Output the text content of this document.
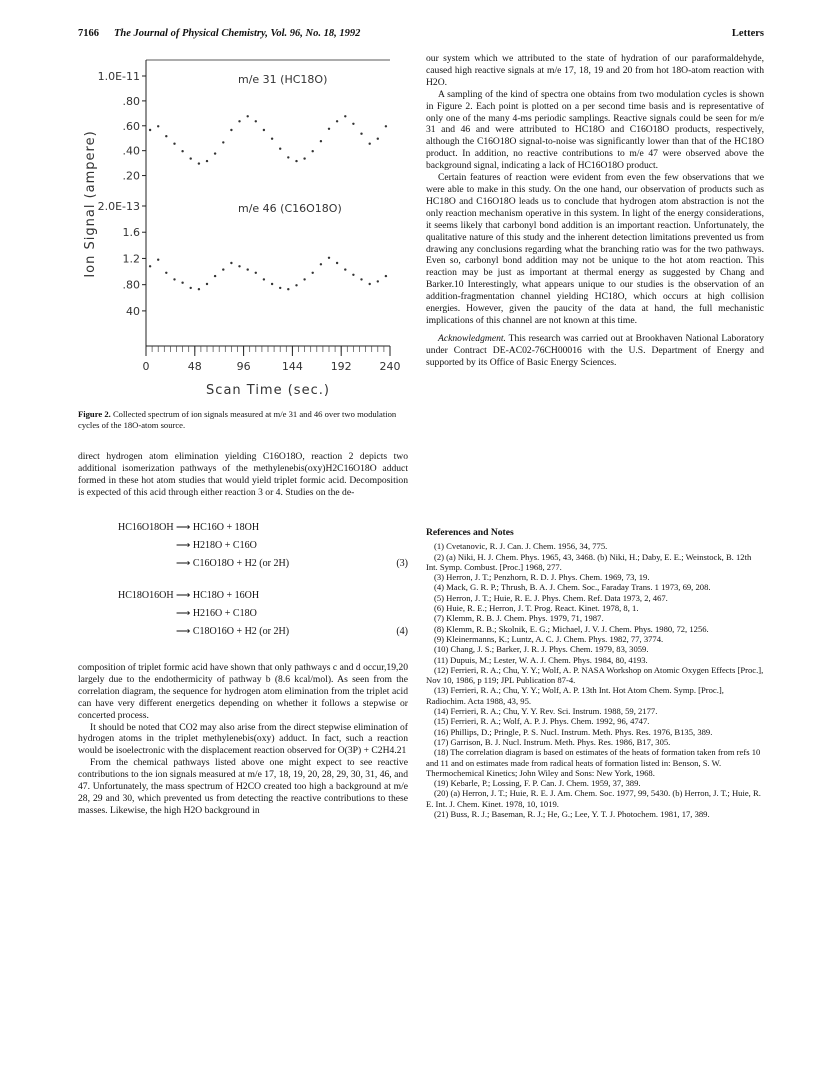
7166 The Journal of Physical Chemistry, Vol. 96, No. 18, 1992	Letters
1.0E-11
.80
.60
.40
.20
2.0E-13
1.6
1.2
.80
40
0	48	96	144	192	240
m/e 31 (HC18O)
m/e 46 (C16O18O)
Ion Signal (ampere)
Scan Time (sec.)
Figure 2. Collected spectrum of ion signals measured at m/e 31 and 46 over two modulation cycles of the 18O-atom source.

direct hydrogen atom elimination yielding C16O18O, reaction 2 depicts two additional isomerization pathways of the methylenebis(oxy)H2C16O18O adduct formed in these hot atom studies that would yield triplet formic acid. Decomposition is expected of this acid through either reaction 3 or 4. Studies on the de-

HC16O18OH ⟶ HC16O + 18OH
⟶ H218O + C16O
⟶ C16O18O + H2 (or 2H)	(3)
HC18O16OH ⟶ HC18O + 16OH
⟶ H216O + C18O
⟶ C18O16O + H2 (or 2H)	(4)

composition of triplet formic acid have shown that only pathways c and d occur,19,20 largely due to the endothermicity of pathway b (8.6 kcal/mol). As seen from the correlation diagram, the sequence for hydrogen atom elimination from the triplet acid can have very different energetics depending on whether it follows a stepwise or concerted process.

It should be noted that CO2 may also arise from the direct stepwise elimination of hydrogen atoms in the triplet methylenebis(oxy) adduct. In fact, such a reaction would be isoelectronic with the displacement reaction observed for O(3P) + C2H4.21

From the chemical pathways listed above one might expect to see reactive contributions to the ion signals measured at m/e 17, 18, 19, 20, 28, 29, 30, 31, 46, and 47. Unfortunately, the mass spectrum of H2CO created too high a background at m/e 28, 29 and 30, which prevented us from detecting the reactive contributions to these masses. Likewise, the high H2O background in

our system which we attributed to the state of hydration of our paraformaldehyde, caused high reactive signals at m/e 17, 18, 19 and 20 from hot 18O-atom reaction with H2O.

A sampling of the kind of spectra one obtains from two modulation cycles is shown in Figure 2. Each point is plotted on a per second time basis and is representative of only one of the many 4-ms periodic samplings. Reactive signals could be seen for m/e 31 and 46 and were attributed to HC18O and C16O18O products, respectively, although the C16O18O signal-to-noise was significantly lower than that of the HC18O product. In addition, no reactive contributions to m/e 47 were observed above the background signal, indicating a lack of HC16O18O product.

Certain features of reaction were evident from even the few observations that we were able to make in this study. On the one hand, our observation of products such as HC18O and C16O18O leads us to conclude that hydrogen atom abstraction is not the only reaction mechanism operative in this system. In light of the energy considerations, it seems likely that carbonyl bond addition is an important reaction. Unfortunately, the qualitative nature of this study and the inherent detection limitations prevented us from drawing any conclusions regarding what the branching ratio was for the two pathways. Even so, carbonyl bond addition may not be unique to the hot atom reaction. This reaction may be just as important at thermal energy as suggested by Chang and Barker.10 Interestingly, what appears unique to our studies is the observation of an addition-fragmentation channel yielding HC18O, which occurs at high collision energies. However, given the paucity of the data at hand, the full mechanistic implications of this channel are not known at this time.

Acknowledgment. This research was carried out at Brookhaven National Laboratory under Contract DE-AC02-76CH00016 with the U.S. Department of Energy and supported by its Office of Basic Energy Sciences.

References and Notes

(1) Cvetanovic, R. J. Can. J. Chem. 1956, 34, 775.

(2) (a) Niki, H. J. Chem. Phys. 1965, 43, 3468. (b) Niki, H.; Daby, E. E.; Weinstock, B. 12th Int. Symp. Combust. [Proc.] 1968, 277.

(3) Herron, J. T.; Penzhorn, R. D. J. Phys. Chem. 1969, 73, 19.

(4) Mack, G. R. P.; Thrush, B. A. J. Chem. Soc., Faraday Trans. 1 1973, 69, 208.

(5) Herron, J. T.; Huie, R. E. J. Phys. Chem. Ref. Data 1973, 2, 467.

(6) Huie, R. E.; Herron, J. T. Prog. React. Kinet. 1978, 8, 1.

(7) Klemm, R. B. J. Chem. Phys. 1979, 71, 1987.

(8) Klemm, R. B.; Skolnik, E. G.; Michael, J. V. J. Chem. Phys. 1980, 72, 1256.

(9) Kleinermanns, K.; Luntz, A. C. J. Chem. Phys. 1982, 77, 3774.

(10) Chang, J. S.; Barker, J. R. J. Phys. Chem. 1979, 83, 3059.

(11) Dupuis, M.; Lester, W. A. J. Chem. Phys. 1984, 80, 4193.

(12) Ferrieri, R. A.; Chu, Y. Y.; Wolf, A. P. NASA Workshop on Atomic Oxygen Effects [Proc.], Nov 10, 1986, p 119; JPL Publication 87-4.

(13) Ferrieri, R. A.; Chu, Y. Y.; Wolf, A. P. 13th Int. Hot Atom Chem. Symp. [Proc.], Radiochim. Acta 1988, 43, 95.

(14) Ferrieri, R. A.; Chu, Y. Y. Rev. Sci. Instrum. 1988, 59, 2177.

(15) Ferrieri, R. A.; Wolf, A. P. J. Phys. Chem. 1992, 96, 4747.

(16) Phillips, D.; Pringle, P. S. Nucl. Instrum. Meth. Phys. Res. 1976, B135, 389.

(17) Garrison, B. J. Nucl. Instrum. Meth. Phys. Res. 1986, B17, 305.

(18) The correlation diagram is based on estimates of the heats of formation taken from refs 10 and 11 and on estimates made from radical heats of formation listed in: Benson, S. W. Thermochemical Kinetics; John Wiley and Sons: New York, 1968.

(19) Kebarle, P.; Lossing, F. P. Can. J. Chem. 1959, 37, 389.

(20) (a) Herron, J. T.; Huie, R. E. J. Am. Chem. Soc. 1977, 99, 5430. (b) Herron, J. T.; Huie, R. E. Int. J. Chem. Kinet. 1978, 10, 1019.

(21) Buss, R. J.; Baseman, R. J.; He, G.; Lee, Y. T. J. Photochem. 1981, 17, 389.
